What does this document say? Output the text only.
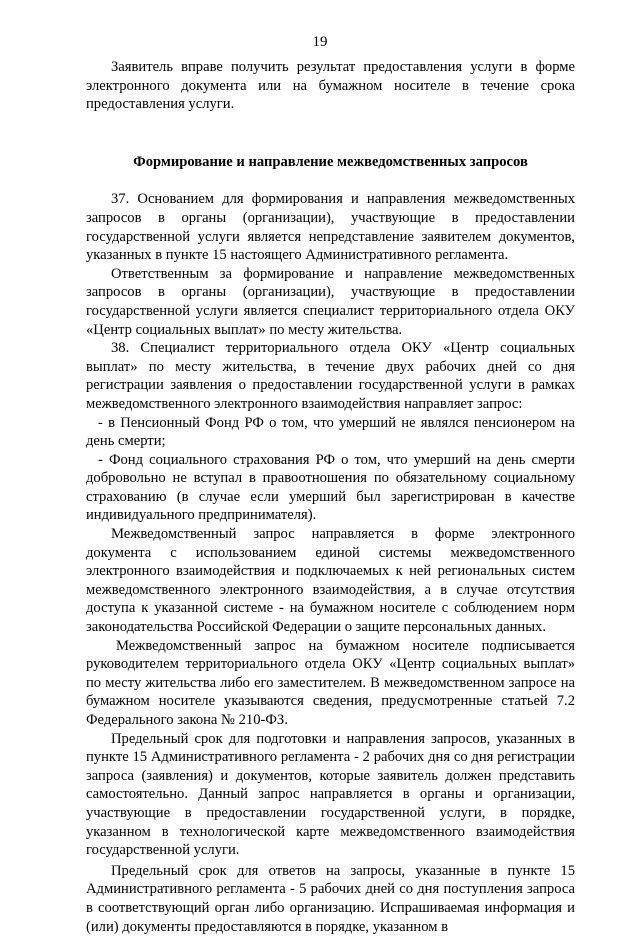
19

Заявитель вправе получить результат предоставления услуги в форме электронного документа или на бумажном носителе в течение срока предоставления услуги.

Формирование и направление межведомственных запросов

37. Основанием для формирования и направления межведомственных запросов в органы (организации), участвующие в предоставлении государственной услуги является непредставление заявителем документов, указанных в пункте 15 настоящего Административного регламента.

Ответственным за формирование и направление межведомственных запросов в органы (организации), участвующие в предоставлении государственной услуги является специалист территориального отдела ОКУ «Центр социальных выплат» по месту жительства.

38. Специалист территориального отдела ОКУ «Центр социальных выплат» по месту жительства, в течение двух рабочих дней со дня регистрации заявления о предоставлении государственной услуги в рамках межведомственного электронного взаимодействия направляет запрос:

- в Пенсионный Фонд РФ о том, что умерший не являлся пенсионером на день смерти;

- Фонд социального страхования РФ о том, что умерший на день смерти добровольно не вступал в правоотношения по обязательному социальному страхованию (в случае если умерший был зарегистрирован в качестве индивидуального предпринимателя).

Межведомственный запрос направляется в форме электронного документа с использованием единой системы межведомственного электронного взаимодействия и подключаемых к ней региональных систем межведомственного электронного взаимодействия, а в случае отсутствия доступа к указанной системе - на бумажном носителе с соблюдением норм законодательства Российской Федерации о защите персональных данных.

Межведомственный запрос на бумажном носителе подписывается руководителем территориального отдела ОКУ «Центр социальных выплат» по месту жительства либо его заместителем. В межведомственном запросе на бумажном носителе указываются сведения, предусмотренные статьей 7.2 Федерального закона № 210-ФЗ.

Предельный срок для подготовки и направления запросов, указанных в пункте 15 Административного регламента - 2 рабочих дня со дня регистрации запроса (заявления) и документов, которые заявитель должен представить самостоятельно. Данный запрос направляется в органы и организации, участвующие в предоставлении государственной услуги, в порядке, указанном в технологической карте межведомственного взаимодействия государственной услуги.

Предельный срок для ответов на запросы, указанные в пункте 15 Административного регламента - 5 рабочих дней со дня поступления запроса в соответствующий орган либо организацию. Испрашиваемая информация и (или) документы предоставляются в порядке, указанном в
